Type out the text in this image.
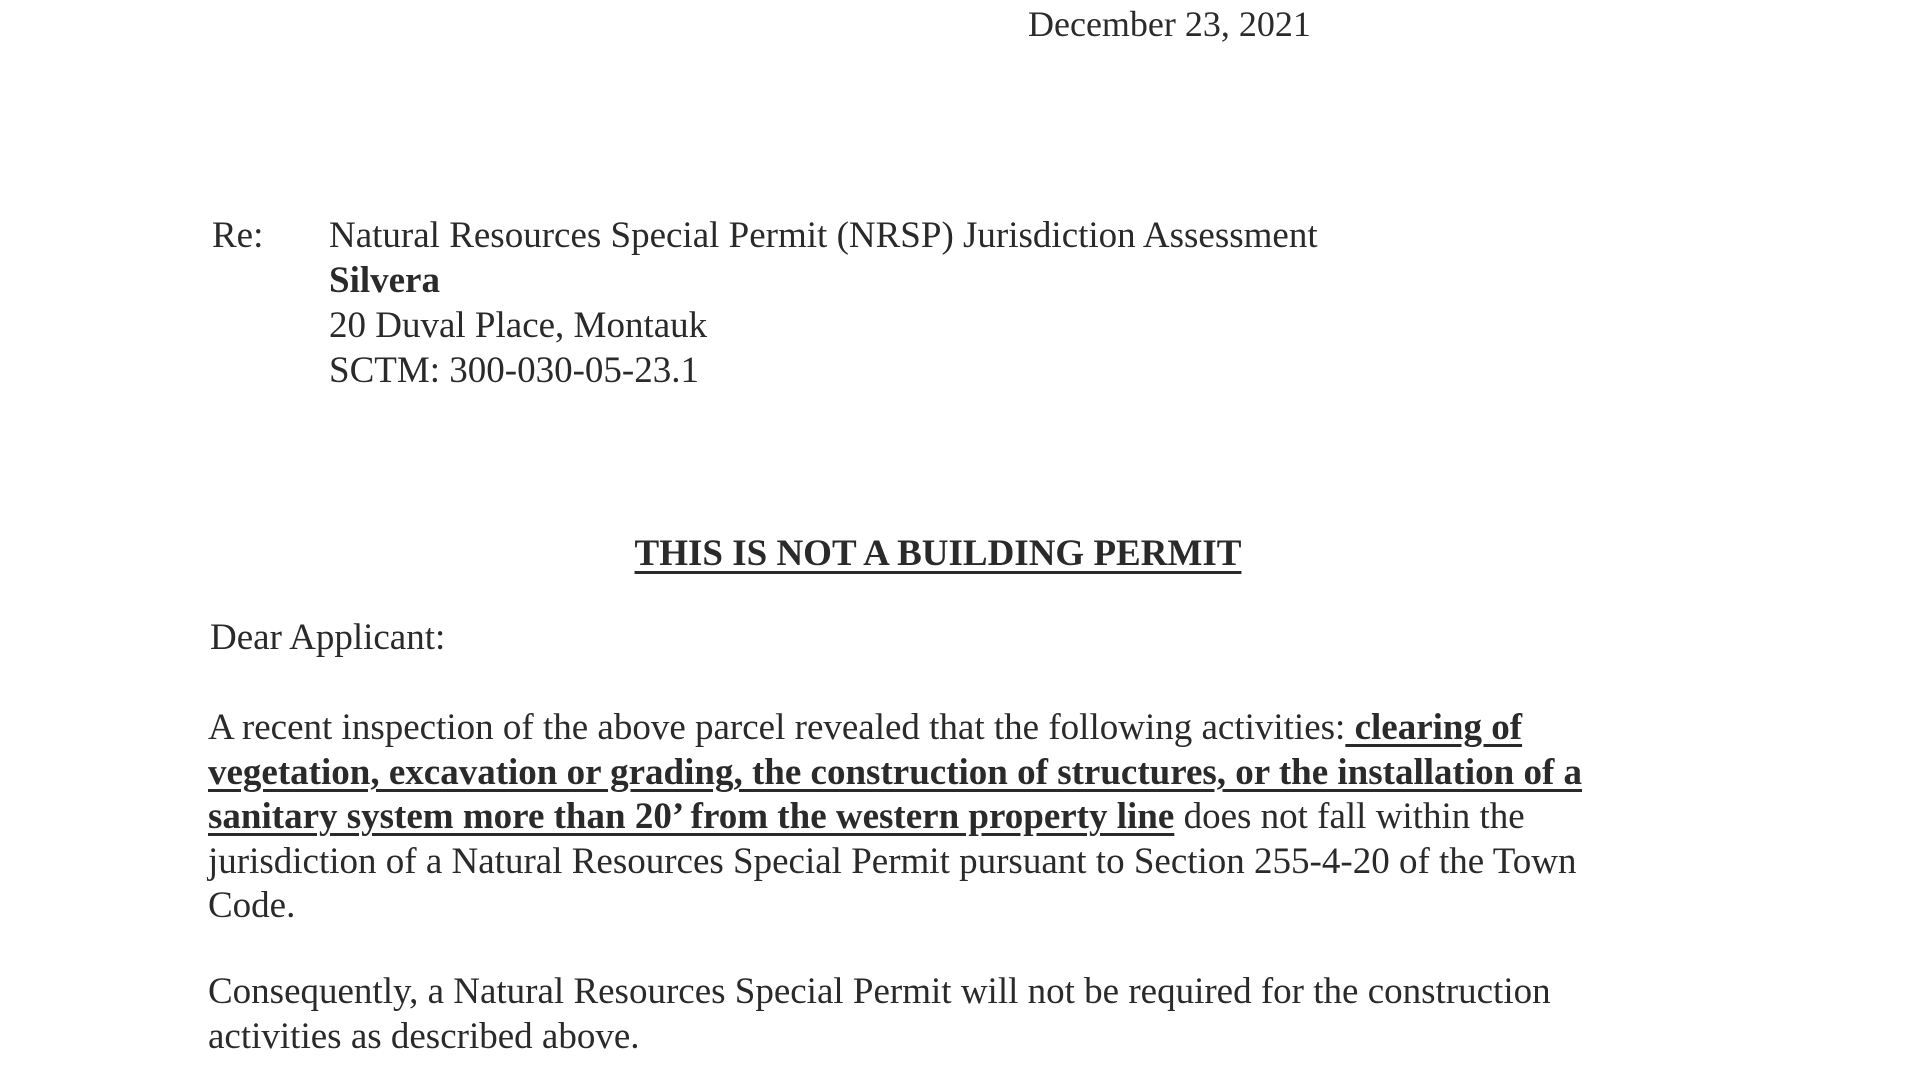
December 23, 2021
Re: Natural Resources Special Permit (NRSP) Jurisdiction Assessment
Silvera
20 Duval Place, Montauk
SCTM: 300-030-05-23.1
THIS IS NOT A BUILDING PERMIT
Dear Applicant:
A recent inspection of the above parcel revealed that the following activities: clearing of vegetation, excavation or grading, the construction of structures, or the installation of a sanitary system more than 20’ from the western property line does not fall within the jurisdiction of a Natural Resources Special Permit pursuant to Section 255-4-20 of the Town Code.
Consequently, a Natural Resources Special Permit will not be required for the construction activities as described above.
